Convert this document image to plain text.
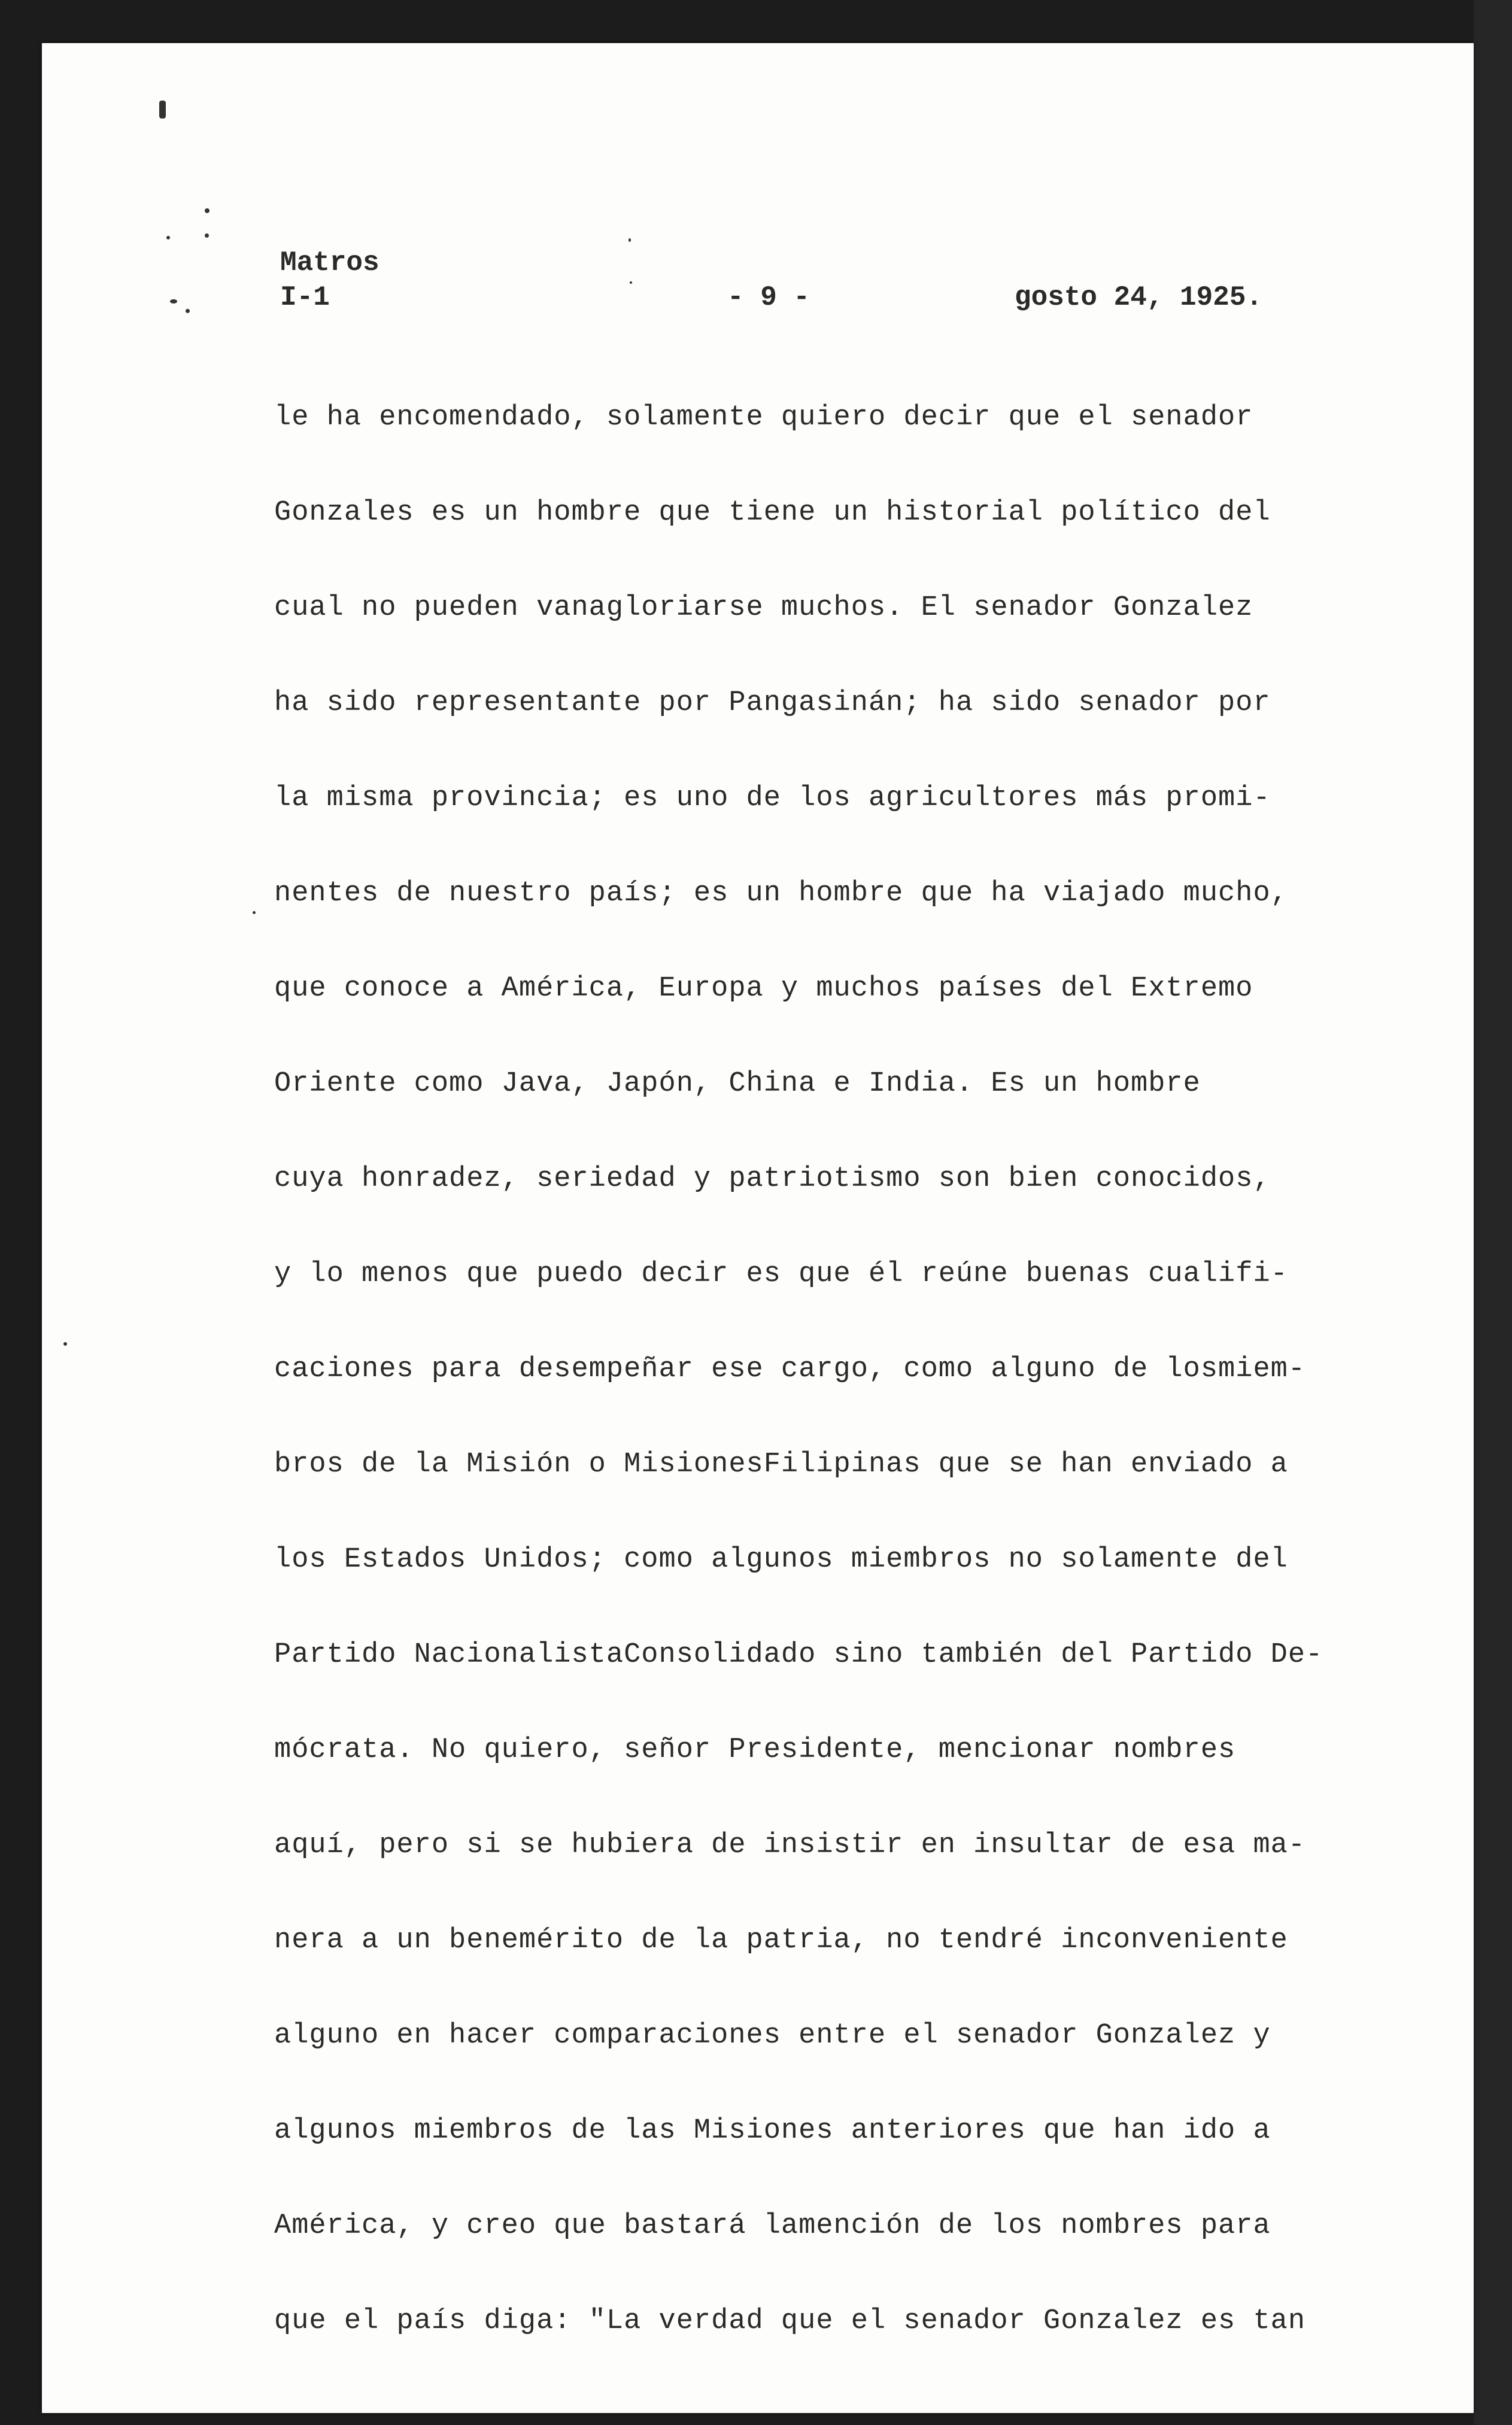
Matros
I-1	- 9 -	gosto 24, 1925.
le ha encomendado, solamente quiero decir que el senador
Gonzales es un hombre que tiene un historial político del
cual no pueden vanagloriarse muchos. El senador Gonzalez
ha sido representante por Pangasinán; ha sido senador por
la misma provincia; es uno de los agricultores más promi-
nentes de nuestro país; es un hombre que ha viajado mucho,
que conoce a América, Europa y muchos países del Extremo
Oriente como Java, Japón, China e India. Es un hombre
cuya honradez, seriedad y patriotismo son bien conocidos,
y lo menos que puedo decir es que él reúne buenas cualifi-
caciones para desempeñar ese cargo, como alguno de losmiem-
bros de la Misión o MisionesFilipinas que se han enviado a
los Estados Unidos; como algunos miembros no solamente del
Partido NacionalistaConsolidado sino también del Partido De-
mócrata. No quiero, señor Presidente, mencionar nombres
aquí, pero si se hubiera de insistir en insultar de esa ma-
nera a un benemérito de la patria, no tendré inconveniente
alguno en hacer comparaciones entre el senador Gonzalez y
algunos miembros de las Misiones anteriores que han ido a
América, y creo que bastará lamención de los nombres para
que el país diga: "La verdad que el senador Gonzalez es tan
